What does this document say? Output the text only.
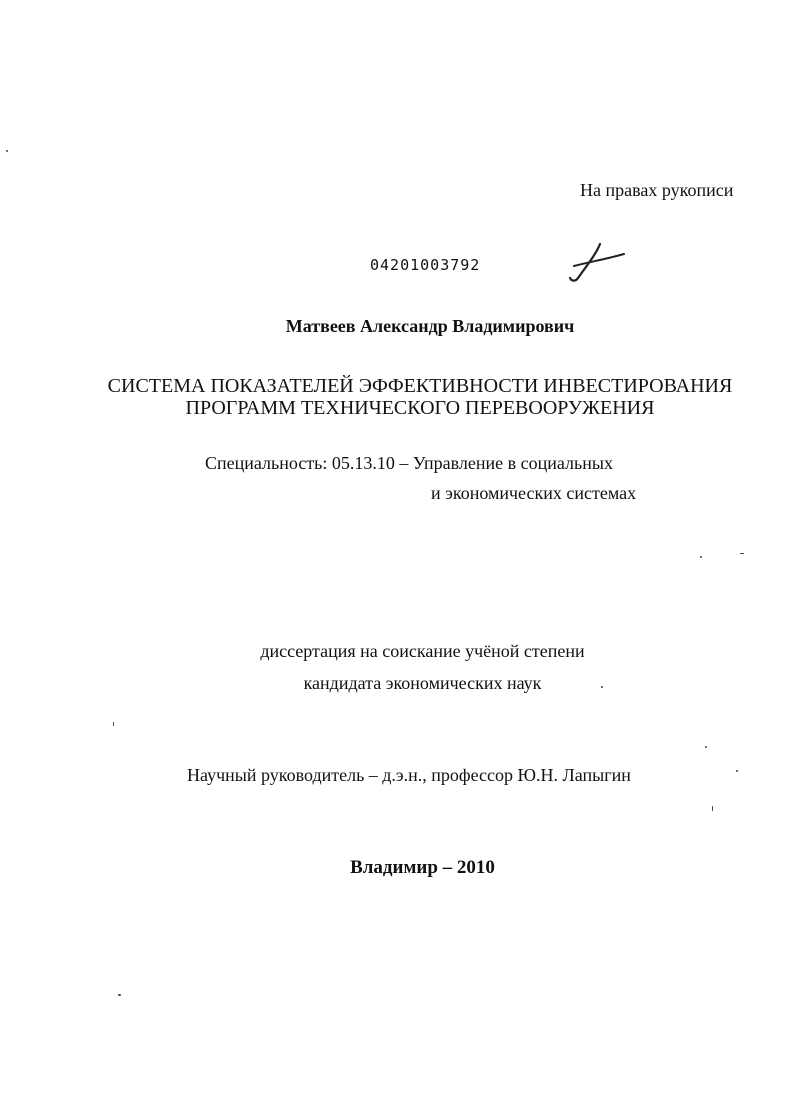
На правах рукописи
04201003792
Матвеев Александр Владимирович
СИСТЕМА ПОКАЗАТЕЛЕЙ ЭФФЕКТИВНОСТИ ИНВЕСТИРОВАНИЯ
ПРОГРАММ ТЕХНИЧЕСКОГО ПЕРЕВООРУЖЕНИЯ
Специальность: 05.13.10 – Управление в социальных
и экономических системах
диссертация на соискание учёной степени
кандидата экономических наук
Научный руководитель – д.э.н., профессор Ю.Н. Лапыгин
Владимир – 2010
